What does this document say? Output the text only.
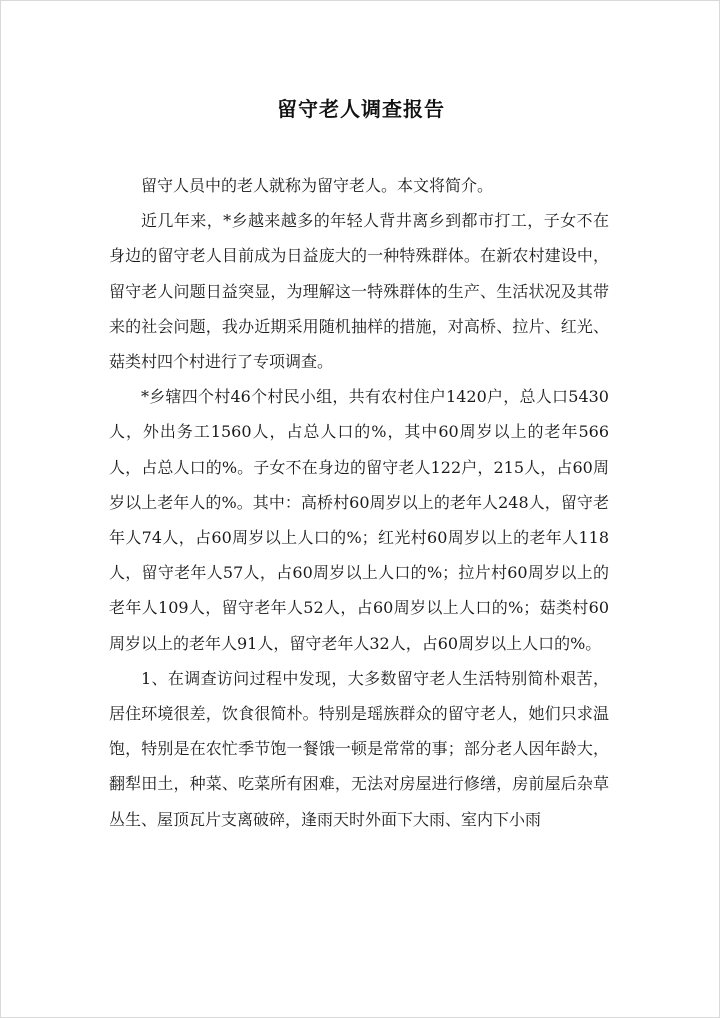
留守老人调查报告

留守人员中的老人就称为留守老人。本文将简介。

近几年来，*乡越来越多的年轻人背井离乡到都市打工，子女不在身边的留守老人目前成为日益庞大的一种特殊群体。在新农村建设中，留守老人问题日益突显，为理解这一特殊群体的生产、生活状况及其带来的社会问题，我办近期采用随机抽样的措施，对高桥、拉片、红光、菇类村四个村进行了专项调查。

*乡辖四个村46个村民小组，共有农村住户1420户，总人口5430人，外出务工1560人，占总人口的%，其中60周岁以上的老年566人，占总人口的%。子女不在身边的留守老人122户，215人，占60周岁以上老年人的%。其中：高桥村60周岁以上的老年人248人，留守老年人74人，占60周岁以上人口的%；红光村60周岁以上的老年人118人，留守老年人57人，占60周岁以上人口的%；拉片村60周岁以上的老年人109人，留守老年人52人，占60周岁以上人口的%；菇类村60周岁以上的老年人91人，留守老年人32人，占60周岁以上人口的%。

1、在调查访问过程中发现，大多数留守老人生活特别简朴艰苦，居住环境很差，饮食很简朴。特别是瑶族群众的留守老人，她们只求温饱，特别是在农忙季节饱一餐饿一顿是常常的事；部分老人因年龄大，翻犁田土，种菜、吃菜所有困难，无法对房屋进行修缮，房前屋后杂草丛生、屋顶瓦片支离破碎，逢雨天时外面下大雨、室内下小雨
